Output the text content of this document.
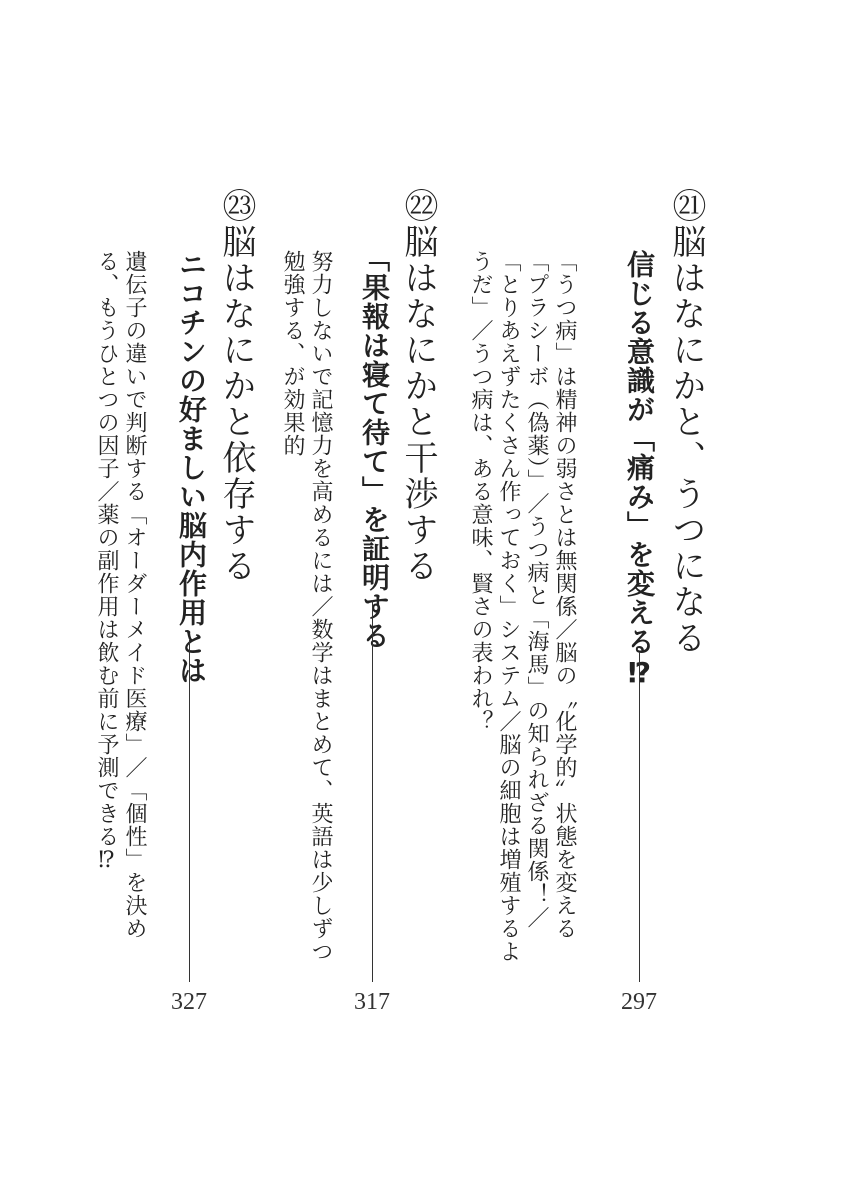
㉑脳はなにかと、うつになる
信じる意識が「痛み」を変える⁉
「うつ病」は精神の弱さとは無関係／脳の〝化学的〟状態を変える「プラシーボ（偽薬）」／うつ病と「海馬」の知られざる関係！／「とりあえずたくさん作っておく」システム／脳の細胞は増殖するようだ」／うつ病は、ある意味、賢さの表われ？
297
㉒脳はなにかと干渉する
「果報は寝て待て」を証明する
努力しないで記憶力を高めるには／数学はまとめて、英語は少しずつ勉強する、が効果的
317
㉓脳はなにかと依存する
ニコチンの好ましい脳内作用とは
遺伝子の違いで判断する「オーダーメイド医療」／「個性」を決める、もうひとつの因子／薬の副作用は飲む前に予測できる⁉
327
